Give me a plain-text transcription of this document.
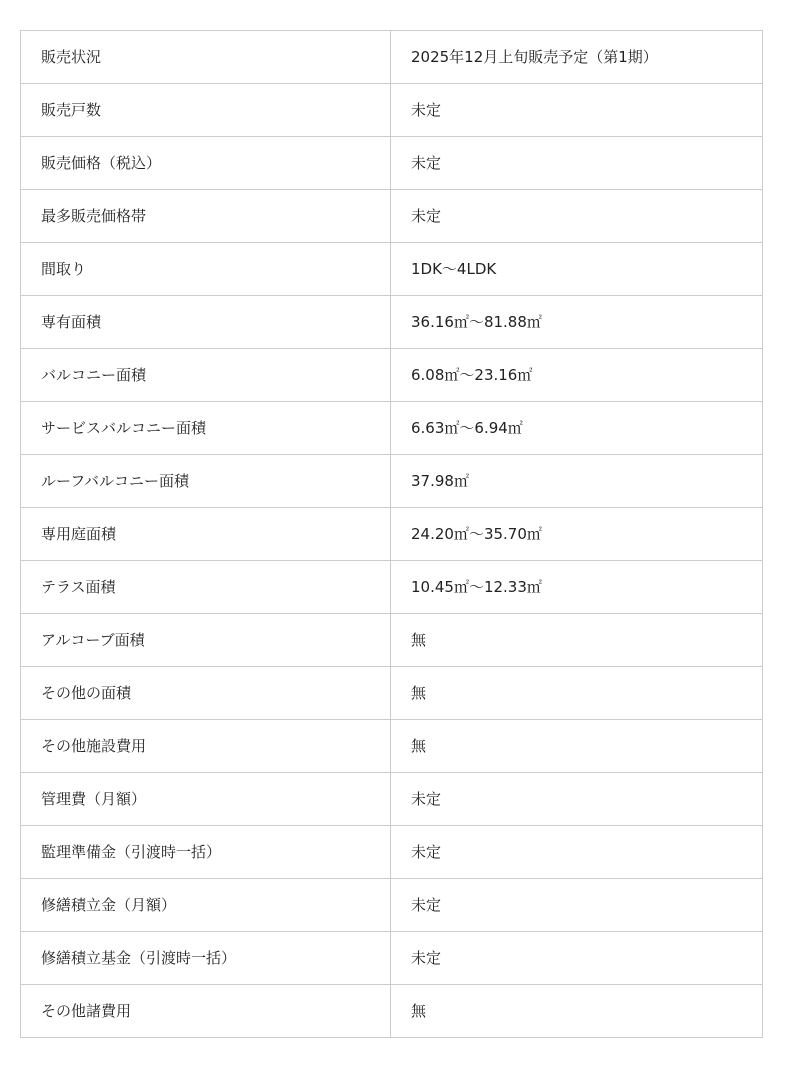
販売状況	2025年12月上旬販売予定（第1期）
販売戸数	未定
販売価格（税込）	未定
最多販売価格帯	未定
間取り	1DK〜4LDK
専有面積	36.16㎡〜81.88㎡
バルコニー面積	6.08㎡〜23.16㎡
サービスバルコニー面積	6.63㎡〜6.94㎡
ルーフバルコニー面積	37.98㎡
専用庭面積	24.20㎡〜35.70㎡
テラス面積	10.45㎡〜12.33㎡
アルコーブ面積	無
その他の面積	無
その他施設費用	無
管理費（月額）	未定
監理準備金（引渡時一括）	未定
修繕積立金（月額）	未定
修繕積立基金（引渡時一括）	未定
その他諸費用	無
